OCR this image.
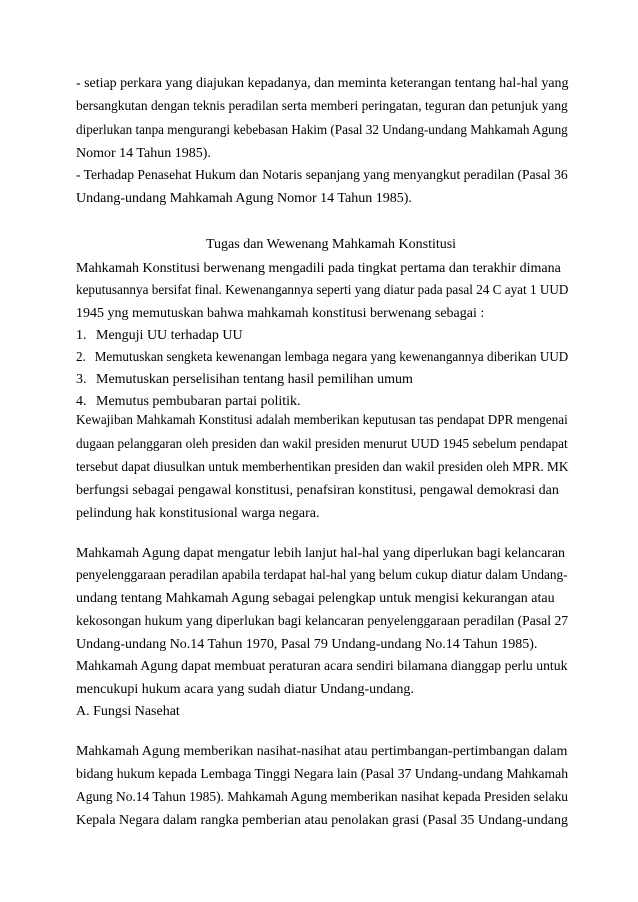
- setiap perkara yang diajukan kepadanya, dan meminta keterangan tentang hal-hal yang
bersangkutan dengan teknis peradilan serta memberi peringatan, teguran dan petunjuk yang
diperlukan tanpa mengurangi kebebasan Hakim (Pasal 32 Undang-undang Mahkamah Agung
Nomor 14 Tahun 1985).
- Terhadap Penasehat Hukum dan Notaris sepanjang yang menyangkut peradilan (Pasal 36
Undang-undang Mahkamah Agung Nomor 14 Tahun 1985).
Tugas dan Wewenang Mahkamah Konstitusi
Mahkamah Konstitusi berwenang mengadili pada tingkat pertama dan terakhir dimana
keputusannya bersifat final. Kewenangannya seperti yang diatur pada pasal 24 C ayat 1 UUD
1945 yng memutuskan bahwa mahkamah konstitusi berwenang sebagai :
1. Menguji UU terhadap UU
2. Memutuskan sengketa kewenangan lembaga negara yang kewenangannya diberikan UUD
3. Memutuskan perselisihan tentang hasil pemilihan umum
4. Memutus pembubaran partai politik.
Kewajiban Mahkamah Konstitusi adalah memberikan keputusan tas pendapat DPR mengenai
dugaan pelanggaran oleh presiden dan wakil presiden menurut UUD 1945 sebelum pendapat
tersebut dapat diusulkan untuk memberhentikan presiden dan wakil presiden oleh MPR. MK
berfungsi sebagai pengawal konstitusi, penafsiran konstitusi, pengawal demokrasi dan
pelindung hak konstitusional warga negara.
Mahkamah Agung dapat mengatur lebih lanjut hal-hal yang diperlukan bagi kelancaran
penyelenggaraan peradilan apabila terdapat hal-hal yang belum cukup diatur dalam Undang-
undang tentang Mahkamah Agung sebagai pelengkap untuk mengisi kekurangan atau
kekosongan hukum yang diperlukan bagi kelancaran penyelenggaraan peradilan (Pasal 27
Undang-undang No.14 Tahun 1970, Pasal 79 Undang-undang No.14 Tahun 1985).
Mahkamah Agung dapat membuat peraturan acara sendiri bilamana dianggap perlu untuk
mencukupi hukum acara yang sudah diatur Undang-undang.
A. Fungsi Nasehat
Mahkamah Agung memberikan nasihat-nasihat atau pertimbangan-pertimbangan dalam
bidang hukum kepada Lembaga Tinggi Negara lain (Pasal 37 Undang-undang Mahkamah
Agung No.14 Tahun 1985). Mahkamah Agung memberikan nasihat kepada Presiden selaku
Kepala Negara dalam rangka pemberian atau penolakan grasi (Pasal 35 Undang-undang
